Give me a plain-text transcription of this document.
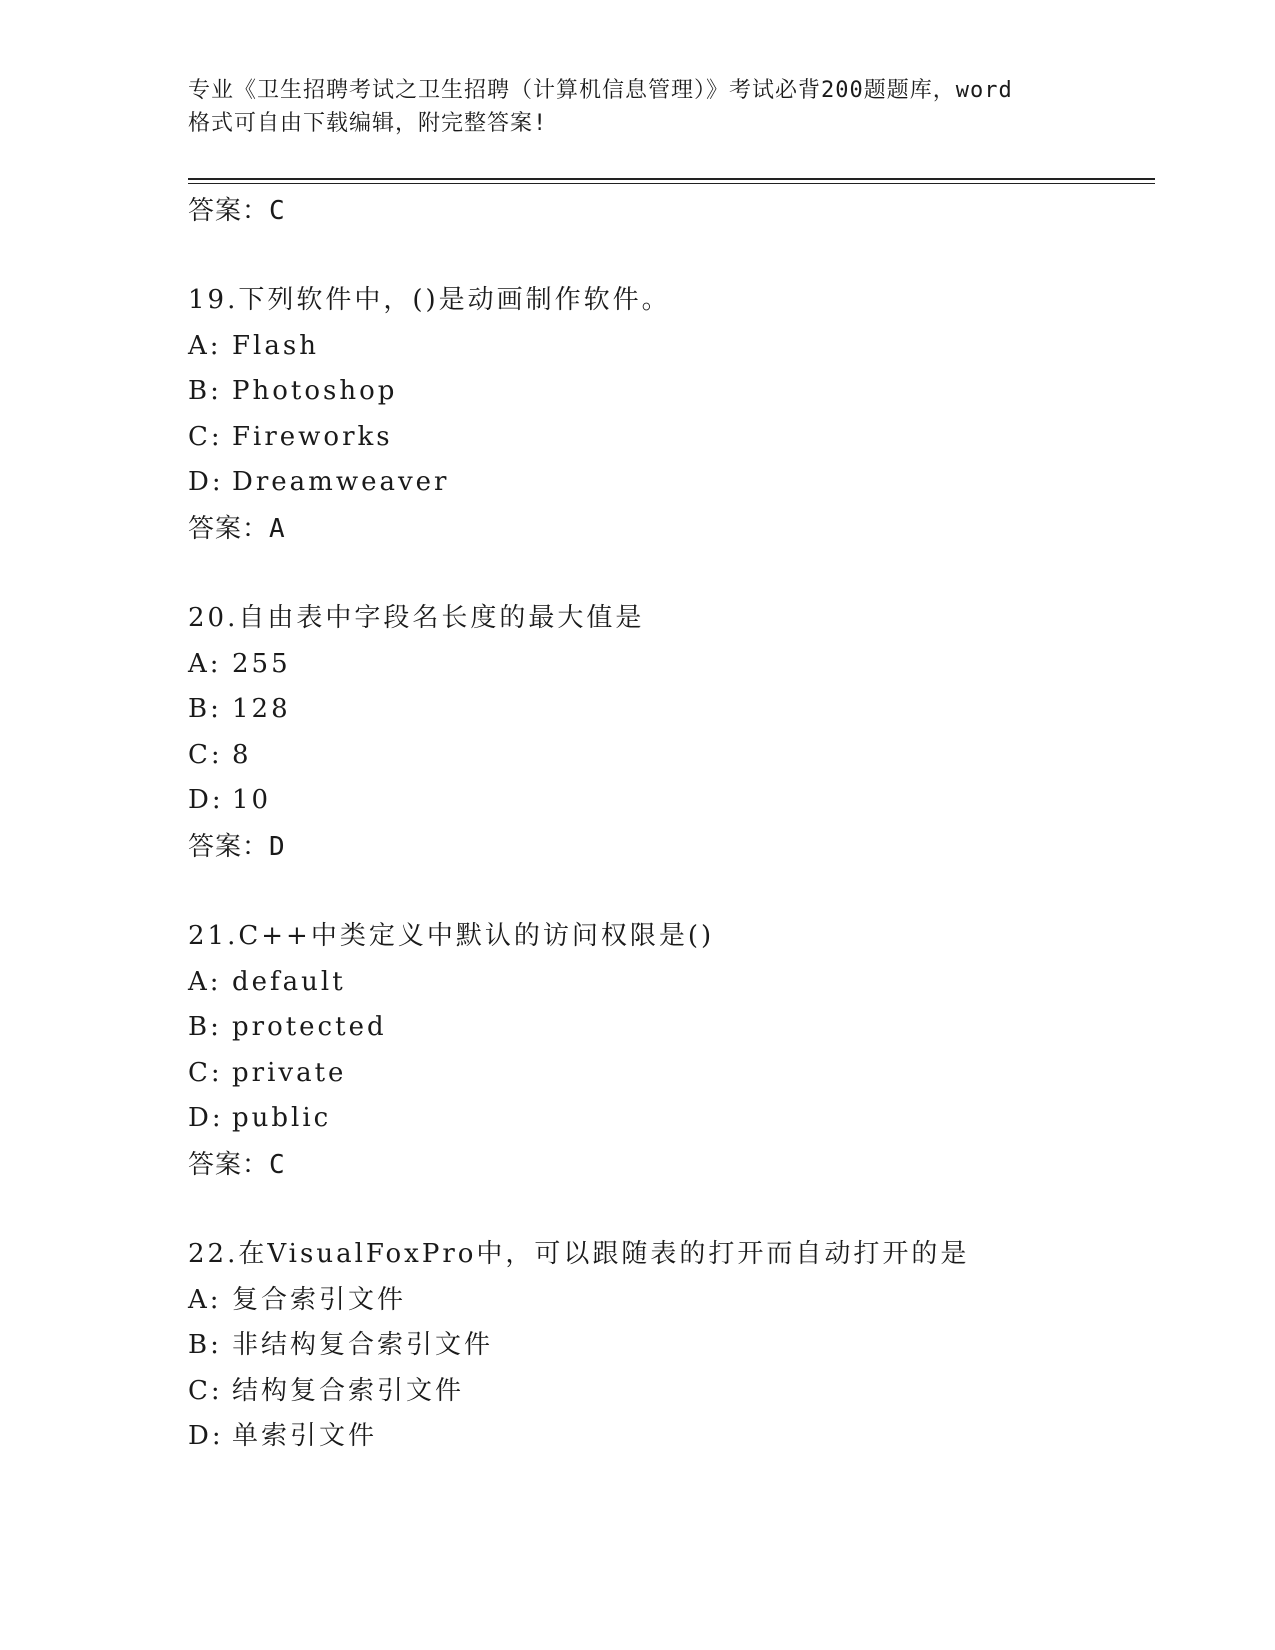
专业《卫生招聘考试之卫生招聘（计算机信息管理）》考试必背200题题库，word
格式可自由下载编辑，附完整答案!
答案：C
19.下列软件中，()是动画制作软件。
A: Flash
B: Photoshop
C: Fireworks
D: Dreamweaver
答案：A
20.自由表中字段名长度的最大值是
A: 255
B: 128
C: 8
D: 10
答案：D
21.C++中类定义中默认的访问权限是()
A: default
B: protected
C: private
D: public
答案：C
22.在VisualFoxPro中，可以跟随表的打开而自动打开的是
A: 复合索引文件
B: 非结构复合索引文件
C: 结构复合索引文件
D: 单索引文件
